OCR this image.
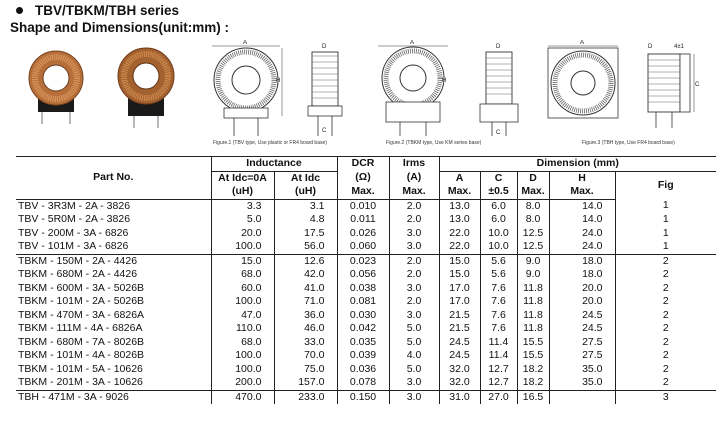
TBV/TBKM/TBH series
Shape and Dimensions(unit:mm) :
A
H
D
C
A
H
D
C
A
D	4±1
C
Figure.1 (TBV type, Use plastic or FR4 board base)	Figure.2 (TBKM type, Use KM series base)	Figure.3 (TBH type, Use FR4 board base)
Part No.	Inductance		DCR	Irms	Dimension (mm)				
	At Idc=0A	At Idc	(Ω)	(A)	A	C	D	H	Fig
	(uH)	(uH)	Max.	Max.	Max.	±0.5	Max.	Max.	
TBV - 3R3M - 2A - 3826	3.3	3.1	0.010	2.0	13.0	6.0	8.0	14.0	1
TBV - 5R0M - 2A - 3826	5.0	4.8	0.011	2.0	13.0	6.0	8.0	14.0	1
TBV - 200M - 3A - 6826	20.0	17.5	0.026	3.0	22.0	10.0	12.5	24.0	1
TBV - 101M - 3A - 6826	100.0	56.0	0.060	3.0	22.0	10.0	12.5	24.0	1
TBKM - 150M - 2A - 4426	15.0	12.6	0.023	2.0	15.0	5.6	9.0	18.0	2
TBKM - 680M - 2A - 4426	68.0	42.0	0.056	2.0	15.0	5.6	9.0	18.0	2
TBKM - 600M - 3A - 5026B	60.0	41.0	0.038	3.0	17.0	7.6	11.8	20.0	2
TBKM - 101M - 2A - 5026B	100.0	71.0	0.081	2.0	17.0	7.6	11.8	20.0	2
TBKM - 470M - 3A - 6826A	47.0	36.0	0.030	3.0	21.5	7.6	11.8	24.5	2
TBKM - 111M - 4A - 6826A	110.0	46.0	0.042	5.0	21.5	7.6	11.8	24.5	2
TBKM - 680M - 7A - 8026B	68.0	33.0	0.035	5.0	24.5	11.4	15.5	27.5	2
TBKM - 101M - 4A - 8026B	100.0	70.0	0.039	4.0	24.5	11.4	15.5	27.5	2
TBKM - 101M - 5A - 10626	100.0	75.0	0.036	5.0	32.0	12.7	18.2	35.0	2
TBKM - 201M - 3A - 10626	200.0	157.0	0.078	3.0	32.0	12.7	18.2	35.0	2
TBH - 471M - 3A - 9026	470.0	233.0	0.150	3.0	31.0	27.0	16.5		3
